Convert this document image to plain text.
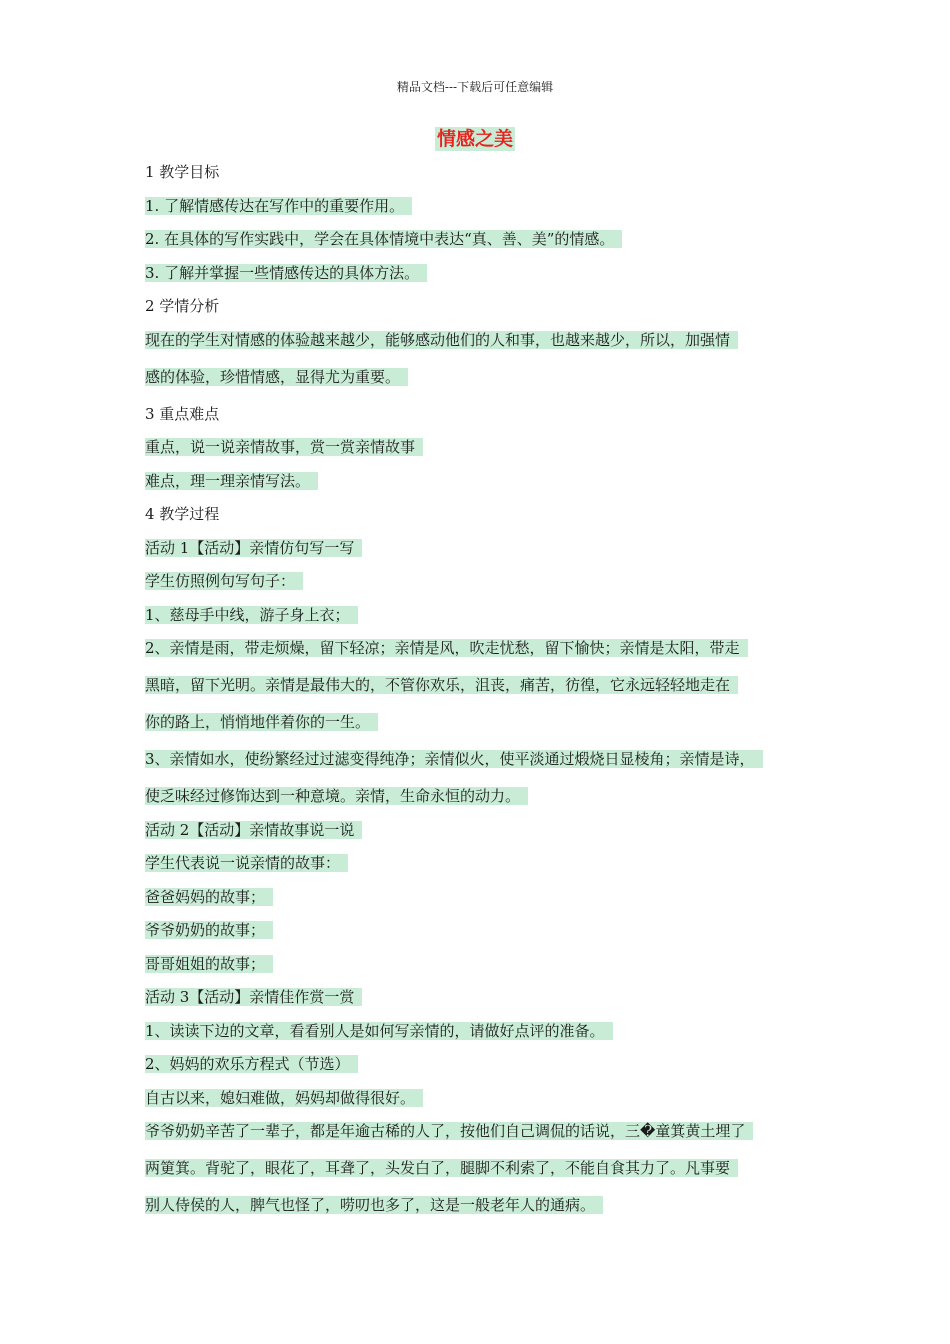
精品文档---下载后可任意编辑
情感之美
1 教学目标
1. 了解情感传达在写作中的重要作用。
2. 在具体的写作实践中，学会在具体情境中表达“真、善、美”的情感。
3. 了解并掌握一些情感传达的具体方法。
2 学情分析
现在的学生对情感的体验越来越少，能够感动他们的人和事，也越来越少，所以，加强情
感的体验，珍惜情感，显得尤为重要。
3 重点难点
重点，说一说亲情故事，赏一赏亲情故事
难点，理一理亲情写法。
4 教学过程
活动 1【活动】亲情仿句写一写
学生仿照例句写句子：
1、慈母手中线，游子身上衣；
2、亲情是雨，带走烦燥，留下轻凉；亲情是风，吹走忧愁，留下愉快；亲情是太阳，带走
黑暗，留下光明。亲情是最伟大的，不管你欢乐，沮丧，痛苦，彷徨，它永远轻轻地走在
你的路上，悄悄地伴着你的一生。
3、亲情如水，使纷繁经过过滤变得纯净；亲情似火，使平淡通过煅烧日显棱角；亲情是诗，
使乏味经过修饰达到一种意境。亲情，生命永恒的动力。
活动 2【活动】亲情故事说一说
学生代表说一说亲情的故事：
爸爸妈妈的故事；
爷爷奶奶的故事；
哥哥姐姐的故事；
活动 3【活动】亲情佳作赏一赏
1、读读下边的文章，看看别人是如何写亲情的，请做好点评的准备。
2、妈妈的欢乐方程式（节选）
自古以来，媳妇难做，妈妈却做得很好。
爷爷奶奶辛苦了一辈子，都是年逾古稀的人了，按他们自己调侃的话说，三�童箕黄土埋了
两筻箕。背驼了，眼花了，耳聋了，头发白了，腿脚不利索了，不能自食其力了。凡事要
别人侍侯的人，脾气也怪了，唠叨也多了，这是一般老年人的通病。
